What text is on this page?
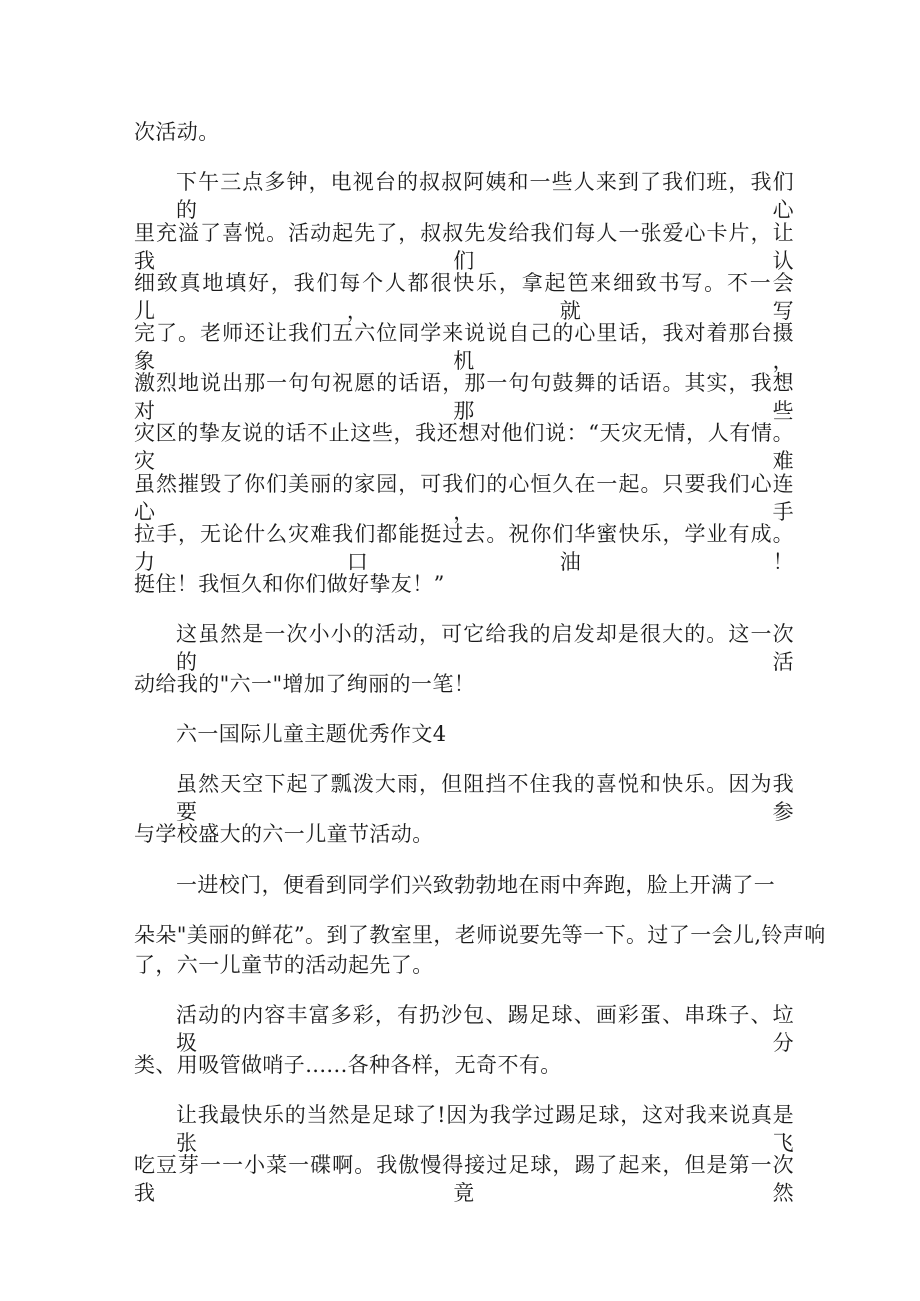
次活动。
下午三点多钟，电视台的叔叔阿姨和一些人来到了我们班，我们的心
里充溢了喜悦。活动起先了，叔叔先发给我们每人一张爱心卡片，让我们认
细致真地填好，我们每个人都很快乐，拿起笆来细致书写。不一会儿，就写
完了。老师还让我们五六位同学来说说自己的心里话，我对着那台摄象机，
激烈地说出那一句句祝愿的话语，那一句句鼓舞的话语。其实，我想对那些
灾区的挚友说的话不止这些，我还想对他们说：“天灾无情，人有情。灾难
虽然摧毁了你们美丽的家园，可我们的心恒久在一起。只要我们心连心，手
拉手，无论什么灾难我们都能挺过去。祝你们华蜜快乐，学业有成。力口油！
挺住！我恒久和你们做好挚友！”
这虽然是一次小小的活动，可它给我的启发却是很大的。这一次的活
动给我的"六一"增加了绚丽的一笔！
六一国际儿童主题优秀作文4
虽然天空下起了瓢泼大雨，但阻挡不住我的喜悦和快乐。因为我要参
与学校盛大的六一儿童节活动。
一进校门，便看到同学们兴致勃勃地在雨中奔跑，脸上开满了一
朵朵"美丽的鲜花”。到了教室里，老师说要先等一下。过了一会儿,铃声响
了，六一儿童节的活动起先了。
活动的内容丰富多彩，有扔沙包、踢足球、画彩蛋、串珠子、垃圾分
类、用吸管做哨子......各种各样，无奇不有。
让我最快乐的当然是足球了!因为我学过踢足球，这对我来说真是张飞
吃豆芽一一小菜一碟啊。我傲慢得接过足球，踢了起来，但是第一次我竟然
